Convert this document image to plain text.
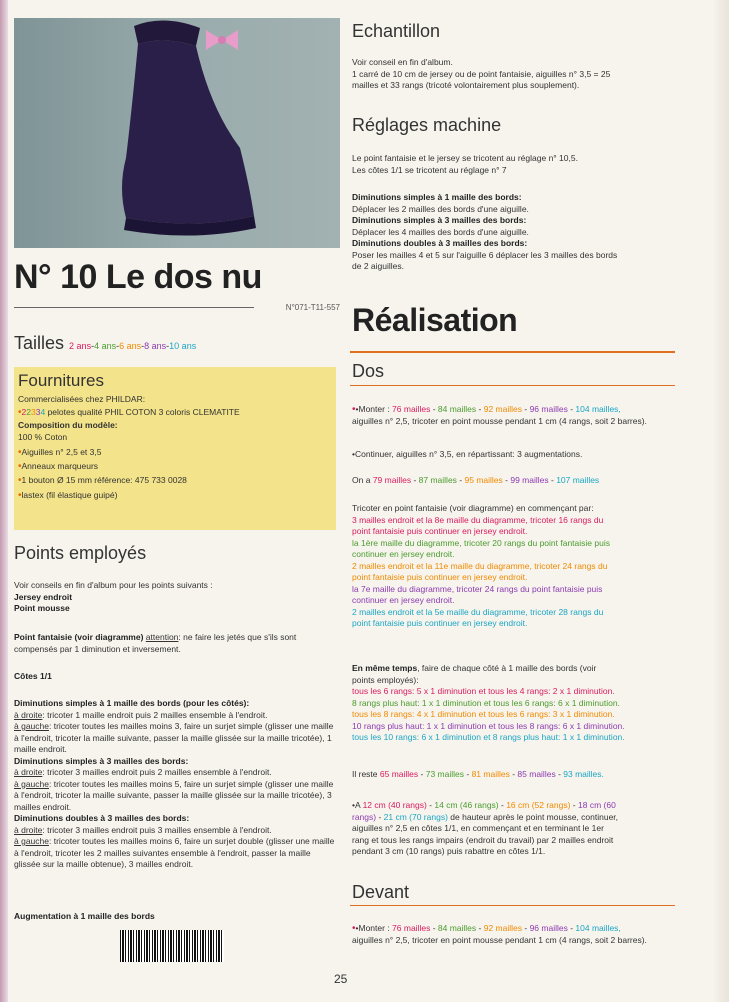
N° 10 Le dos nu
N°071-T11-557
Tailles 2 ans-4 ans-6 ans-8 ans-10 ans
Fournitures
Commercialisées chez PHILDAR:
•22334 pelotes qualité PHIL COTON 3 coloris CLEMATITE
Composition du modèle:
100 % Coton
•Aiguilles n° 2,5 et 3,5
•Anneaux marqueurs
•1 bouton Ø 15 mm référence: 475 733 0028
•lastex (fil élastique guipé)
Points employés
Voir conseils en fin d'album pour les points suivants :
Jersey endroit
Point mousse
Point fantaisie (voir diagramme) attention: ne faire les jetés que s'ils sont compensés par 1 diminution et inversement.
Côtes 1/1
Diminutions simples à 1 maille des bords (pour les côtés):
à droite: tricoter 1 maille endroit puis 2 mailles ensemble à l'endroit.
à gauche: tricoter toutes les mailles moins 3, faire un surjet simple (glisser une maille à l'endroit, tricoter la maille suivante, passer la maille glissée sur la maille tricotée), 1 maille endroit.
Diminutions simples à 3 mailles des bords:
à droite: tricoter 3 mailles endroit puis 2 mailles ensemble à l'endroit.
à gauche: tricoter toutes les mailles moins 5, faire un surjet simple (glisser une maille à l'endroit, tricoter la maille suivante, passer la maille glissée sur la maille tricotée), 3 mailles endroit.
Diminutions doubles à 3 mailles des bords:
à droite: tricoter 3 mailles endroit puis 3 mailles ensemble à l'endroit.
à gauche: tricoter toutes les mailles moins 6, faire un surjet double (glisser une maille à l'endroit, tricoter les 2 mailles suivantes ensemble à l'endroit, passer la maille glissée sur la maille obtenue), 3 mailles endroit.
Augmentation à 1 maille des bords
Echantillon
Voir conseil en fin d'album.
1 carré de 10 cm de jersey ou de point fantaisie, aiguilles n° 3,5 = 25
mailles et 33 rangs (tricoté volontairement plus souplement).
Réglages machine
Le point fantaisie et le jersey se tricotent au réglage n° 10,5.
Les côtes 1/1 se tricotent au réglage n° 7
Diminutions simples à 1 maille des bords:
Déplacer les 2 mailles des bords d'une aiguille.
Diminutions simples à 3 mailles des bords:
Déplacer les 4 mailles des bords d'une aiguille.
Diminutions doubles à 3 mailles des bords:
Poser les mailles 4 et 5 sur l'aiguille 6 déplacer les 3 mailles des bords
de 2 aiguilles.
Réalisation
Dos
••Monter : 76 mailles - 84 mailles - 92 mailles - 96 mailles - 104 mailles,
aiguilles n° 2,5, tricoter en point mousse pendant 1 cm (4 rangs, soit 2 barres).
•Continuer, aiguilles n° 3,5, en répartissant: 3 augmentations.
On a 79 mailles - 87 mailles - 95 mailles - 99 mailles - 107 mailles
Tricoter en point fantaisie (voir diagramme) en commençant par:
3 mailles endroit et la 8e maille du diagramme, tricoter 16 rangs du
point fantaisie puis continuer en jersey endroit.
la 1ère maille du diagramme, tricoter 20 rangs du point fantaisie puis
continuer en jersey endroit.
2 mailles endroit et la 11e maille du diagramme, tricoter 24 rangs du
point fantaisie puis continuer en jersey endroit.
la 7e maille du diagramme, tricoter 24 rangs du point fantaisie puis
continuer en jersey endroit.
2 mailles endroit et la 5e maille du diagramme, tricoter 28 rangs du
point fantaisie puis continuer en jersey endroit.
En même temps, faire de chaque côté à 1 maille des bords (voir
points employés):
tous les 6 rangs: 5 x 1 diminution et tous les 4 rangs: 2 x 1 diminution.
8 rangs plus haut: 1 x 1 diminution et tous les 6 rangs: 6 x 1 diminution.
tous les 8 rangs: 4 x 1 diminution et tous les 6 rangs: 3 x 1 diminution.
10 rangs plus haut: 1 x 1 diminution et tous les 8 rangs: 6 x 1 diminution.
tous les 10 rangs: 6 x 1 diminution et 8 rangs plus haut: 1 x 1 diminution.
Il reste 65 mailles - 73 mailles - 81 mailles - 85 mailles - 93 mailles.
•A 12 cm (40 rangs) - 14 cm (46 rangs) - 16 cm (52 rangs) - 18 cm (60
rangs) - 21 cm (70 rangs) de hauteur après le point mousse, continuer,
aiguilles n° 2,5 en côtes 1/1, en commençant et en terminant le 1er
rang et tous les rangs impairs (endroit du travail) par 2 mailles endroit
pendant 3 cm (10 rangs) puis rabattre en côtes 1/1.
Devant
••Monter : 76 mailles - 84 mailles - 92 mailles - 96 mailles - 104 mailles,
aiguilles n° 2,5, tricoter en point mousse pendant 1 cm (4 rangs, soit 2 barres).
25
